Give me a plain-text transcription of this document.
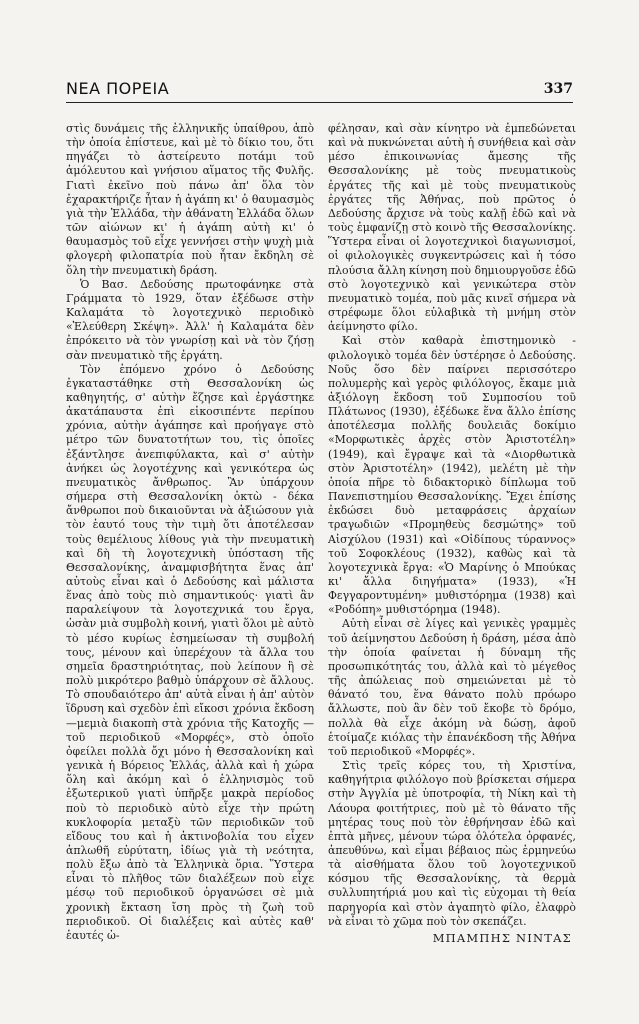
ΝΕΑ ΠΟΡΕΙΑ	337

στὶς δυνάμεις τῆς ἑλληνικῆς ὑπαίθρου, ἀπὸ τὴν ὁποία ἐπίστευε, καὶ μὲ τὸ δίκιο του, ὅτι πηγάζει τὸ ἀστείρευτο ποτάμι τοῦ ἀμόλευτου καὶ γνήσιου αἵματος τῆς Φυλῆς. Γιατὶ ἐκεῖνο ποὺ πάνω ἀπ' ὅλα τὸν ἐχαρακτήριζε ἦταν ἡ ἀγάπη κι' ὁ θαυμασμὸς γιὰ τὴν Ἑλλάδα, τὴν ἀθάνατη Ἑλλάδα ὅλων τῶν αἰώνων κι' ἡ ἀγάπη αὐτὴ κι' ὁ θαυμασμὸς τοῦ εἶχε γεννήσει στὴν ψυχὴ μιὰ φλογερὴ φιλοπατρία ποὺ ἦταν ἔκδηλη σὲ ὅλη τὴν πνευματικὴ δράση.

Ὁ Βασ. Δεδούσης πρωτοφάνηκε στὰ Γράμματα τὸ 1929, ὅταν ἐξέδωσε στὴν Καλαμάτα τὸ λογοτεχνικὸ περιοδικὸ «Ἐλεύθερη Σκέψη». Ἀλλ' ἡ Καλαμάτα δὲν ἐπρόκειτο νὰ τὸν γνωρίσῃ καὶ νὰ τὸν ζήσῃ σὰν πνευματικὸ τῆς ἐργάτη.

Τὸν ἑπόμενο χρόνο ὁ Δεδούσης ἐγκαταστάθηκε στὴ Θεσσαλονίκη ὡς καθηγητής, σ' αὐτὴν ἔζησε καὶ ἐργάστηκε ἀκατάπαυστα ἐπὶ εἰκοσιπέντε περίπου χρόνια, αὐτὴν ἀγάπησε καὶ προήγαγε στὸ μέτρο τῶν δυνατοτήτων του, τὶς ὁποῖες ἐξάντλησε ἀνεπιφύλακτα, καὶ σ' αὐτὴν ἀνήκει ὡς λογοτέχνης καὶ γενικότερα ὡς πνευματικὸς ἄνθρωπος. Ἂν ὑπάρχουν σήμερα στὴ Θεσσαλονίκη ὀκτὼ - δέκα ἄνθρωποι ποὺ δικαιοῦνται νὰ ἀξιώσουν γιὰ τὸν ἑαυτό τους τὴν τιμὴ ὅτι ἀποτέλεσαν τοὺς θεμέλιους λίθους γιὰ τὴν πνευματικὴ καὶ δὴ τὴ λογοτεχνικὴ ὑπόσταση τῆς Θεσσαλονίκης, ἀναμφισβήτητα ἕνας ἀπ' αὐτοὺς εἶναι καὶ ὁ Δεδούσης καὶ μάλιστα ἕνας ἀπὸ τοὺς πιὸ σημαντικούς· γιατὶ ἂν παραλείψουν τὰ λογοτεχνικά του ἔργα, ὡσὰν μιὰ συμβολὴ κοινή, γιατὶ ὅλοι μὲ αὐτὸ τὸ μέσο κυρίως ἐσημείωσαν τὴ συμβολή τους, μένουν καὶ ὑπερέχουν τὰ ἄλλα του σημεῖα δραστηριότητας, ποὺ λείπουν ἢ σὲ πολὺ μικρότερο βαθμὸ ὑπάρχουν σὲ ἄλλους. Τὸ σπουδαιότερο ἀπ' αὐτὰ εἶναι ἡ ἀπ' αὐτὸν ἵδρυση καὶ σχεδὸν ἐπὶ εἴκοσι χρόνια ἔκδοση—μεμιὰ διακοπὴ στὰ χρόνια τῆς Κατοχῆς — τοῦ περιοδικοῦ «Μορφές», στὸ ὁποῖο ὀφείλει πολλὰ ὄχι μόνο ἡ Θεσσαλονίκη καὶ γενικὰ ἡ Βόρειος Ἑλλάς, ἀλλὰ καὶ ἡ χώρα ὅλη καὶ ἀκόμη καὶ ὁ ἑλληνισμὸς τοῦ ἐξωτερικοῦ γιατὶ ὑπῆρξε μακρὰ περίοδος ποὺ τὸ περιοδικὸ αὐτὸ εἶχε τὴν πρώτη κυκλοφορία μεταξὺ τῶν περιοδικῶν τοῦ εἴδους του καὶ ἡ ἀκτινοβολία του εἶχεν ἁπλωθῆ εὐρύτατη, ἰδίως γιὰ τὴ νεότητα, πολὺ ἔξω ἀπὸ τὰ Ἑλληνικὰ ὅρια. Ὕστερα εἶναι τὸ πλῆθος τῶν διαλέξεων ποὺ εἶχε μέσῳ τοῦ περιοδικοῦ ὀργανώσει σὲ μιὰ χρονικὴ ἔκταση ἴση πρὸς τὴ ζωὴ τοῦ περιοδικοῦ. Οἱ διαλέξεις καὶ αὐτὲς καθ' ἑαυτές ὠ-

φέλησαν, καὶ σὰν κίνητρο νὰ ἐμπεδώνεται καὶ νὰ πυκνώνεται αὐτὴ ἡ συνήθεια καὶ σὰν μέσο ἐπικοινωνίας ἄμεσης τῆς Θεσσαλονίκης μὲ τοὺς πνευματικοὺς ἐργάτες τῆς καὶ μὲ τοὺς πνευματικοὺς ἐργάτες τῆς Ἀθήνας, ποὺ πρῶτος ὁ Δεδούσης ἄρχισε νὰ τοὺς καλῇ ἐδῶ καὶ νὰ τοὺς ἐμφανίζῃ στὸ κοινὸ τῆς Θεσσαλονίκης. Ὕστερα εἶναι οἱ λογοτεχνικοὶ διαγωνισμοί, οἱ φιλολογικὲς συγκεντρώσεις καὶ ἡ τόσο πλούσια ἄλλη κίνηση ποὺ δημιουργοῦσε ἐδῶ στὸ λογοτεχνικὸ καὶ γενικώτερα στὸν πνευματικὸ τομέα, ποὺ μᾶς κινεῖ σήμερα νὰ στρέφωμε ὅλοι εὐλαβικὰ τὴ μνήμη στὸν ἀείμνηστο φίλο.

Καὶ στὸν καθαρὰ ἐπιστημονικὸ - φιλολογικὸ τομέα δὲν ὑστέρησε ὁ Δεδούσης. Νοῦς ὅσο δὲν παίρνει περισσότερο πολυμερὴς καὶ γερὸς φιλόλογος, ἔκαμε μιὰ ἀξιόλογη ἔκδοση τοῦ Συμποσίου τοῦ Πλάτωνος (1930), ἐξέδωκε ἕνα ἄλλο ἐπίσης ἀποτέλεσμα πολλῆς δουλειᾶς δοκίμιο «Μορφωτικὲς ἀρχὲς στὸν Ἀριστοτέλη» (1949), καὶ ἔγραψε καὶ τὰ «Διορθωτικὰ στὸν Ἀριστοτέλη» (1942), μελέτη μὲ τὴν ὁποία πῆρε τὸ διδακτορικὸ δίπλωμα τοῦ Πανεπιστημίου Θεσσαλονίκης. Ἔχει ἐπίσης ἐκδώσει δυὸ μεταφράσεις ἀρχαίων τραγωδιῶν «Προμηθεὺς δεσμώτης» τοῦ Αἰσχύλου (1931) καὶ «Οἰδίπους τύραννος» τοῦ Σοφοκλέους (1932), καθὼς καὶ τὰ λογοτεχνικὰ ἔργα: «Ὁ Μαρίνης ὁ Μπούκας κι' ἄλλα διηγήματα» (1933), «Ἡ Φεγγαροντυμένη» μυθιστόρημα (1938) καὶ «Ροδόπη» μυθιστόρημα (1948).

Αὐτὴ εἶναι σὲ λίγες καὶ γενικὲς γραμμὲς τοῦ ἀείμνηστου Δεδούση ἡ δράση, μέσα ἀπὸ τὴν ὁποία φαίνεται ἡ δύναμη τῆς προσωπικότητάς του, ἀλλὰ καὶ τὸ μέγεθος τῆς ἀπώλειας ποὺ σημειώνεται μὲ τὸ θάνατό του, ἕνα θάνατο πολὺ πρόωρο ἄλλωστε, ποὺ ἂν δὲν τοῦ ἔκοβε τὸ δρόμο, πολλὰ θὰ εἶχε ἀκόμη νὰ δώσῃ, ἀφοῦ ἑτοίμαζε κιόλας τὴν ἐπανέκδοση τῆς Ἀθήνα τοῦ περιοδικοῦ «Μορφές».

Στὶς τρεῖς κόρες του, τὴ Χριστίνα, καθηγήτρια φιλόλογο ποὺ βρίσκεται σήμερα στὴν Ἀγγλία μὲ ὑποτροφία, τὴ Νίκη καὶ τὴ Λάουρα φοιτήτριες, ποὺ μὲ τὸ θάνατο τῆς μητέρας τους ποὺ τὸν ἐθρήνησαν ἐδῶ καὶ ἐπτὰ μῆνες, μένουν τώρα ὁλότελα ὀρφανές, ἀπευθύνω, καὶ εἶμαι βέβαιος πὼς ἑρμηνεύω τὰ αἰσθήματα ὅλου τοῦ λογοτεχνικοῦ κόσμου τῆς Θεσσαλονίκης, τὰ θερμὰ συλλυπητήριά μου καὶ τὶς εὐχομαι τὴ θεία παρηγορία καὶ στὸν ἀγαπητὸ φίλο, ἐλαφρὸ νὰ εἶναι τὸ χῶμα ποὺ τὸν σκεπάζει.

ΜΠΑΜΠΗΣ ΝΙΝΤΑΣ
